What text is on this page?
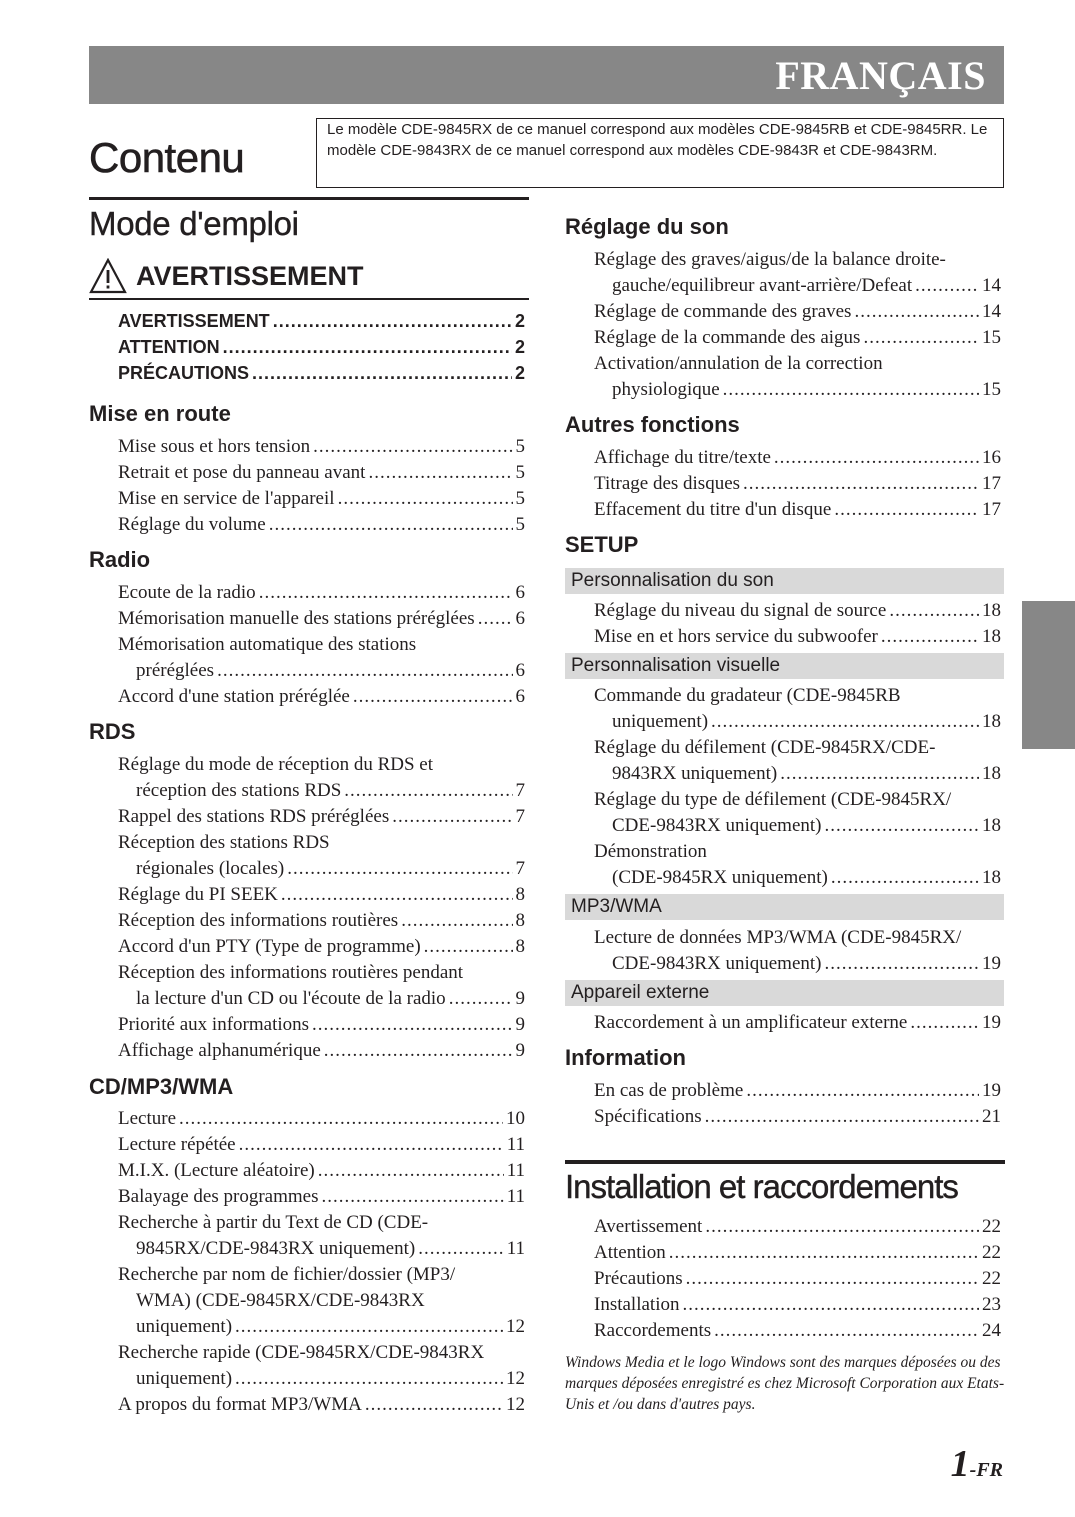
FRANÇAIS
Contenu
Le modèle CDE-9845RX de ce manuel correspond aux modèles CDE-9845RB et CDE-9845RR. Le modèle CDE-9843RX de ce manuel correspond aux modèles CDE-9843R et CDE-9843RM.
Mode d'emploi
AVERTISSEMENT
AVERTISSEMENT .....	2
ATTENTION .....	2
PRÉCAUTIONS .....	2
Mise sous et hors tension .....	5
Retrait et pose du panneau avant .....	5
Mise en service de l'appareil .....	5
Réglage du volume .....	5
Ecoute de la radio .....	6
Mémorisation manuelle des stations préréglées ..... 6
Mémorisation automatique des stations
préréglées .....	6
Accord d'une station préréglée .....	6
Réglage du mode de réception du RDS et
réception des stations RDS .....	7
Rappel des stations RDS préréglées .....	7
Réception des stations RDS
régionales (locales) .....	7
Réglage du PI SEEK .....	8
Réception des informations routières .....	8
Accord d'un PTY (Type de programme) .....	8
Réception des informations routières pendant
la lecture d'un CD ou l'écoute de la radio .....	9
Priorité aux informations .....	9
Affichage alphanumérique .....	9
Lecture .....	10
Lecture répétée .....	11
M.I.X. (Lecture aléatoire) .....	11
Balayage des programmes .....	11
Recherche à partir du Text de CD (CDE-
9845RX/CDE-9843RX uniquement) .....	11
Recherche par nom de fichier/dossier (MP3/
WMA) (CDE-9845RX/CDE-9843RX
uniquement) .....	12
Recherche rapide (CDE-9845RX/CDE-9843RX
uniquement) .....	12
A propos du format MP3/WMA .....	12
Réglage des graves/aigus/de la balance droite-
gauche/equilibreur avant-arrière/Defeat .....	14
Réglage de commande des graves .....	14
Réglage de la commande des aigus .....	15
Activation/annulation de la correction
physiologique .....	15
Affichage du titre/texte .....	16
Titrage des disques .....	17
Effacement du titre d'un disque .....	17
Réglage du niveau du signal de source .....	18
Mise en et hors service du subwoofer .....	18
Commande du gradateur (CDE-9845RB
uniquement) .....	18
Réglage du défilement (CDE-9845RX/CDE-
9843RX uniquement) .....	18
Réglage du type de défilement (CDE-9845RX/
CDE-9843RX uniquement) .....	18
Démonstration
(CDE-9845RX uniquement) .....	18
Lecture de données MP3/WMA (CDE-9845RX/
CDE-9843RX uniquement) .....	19
Raccordement à un amplificateur externe .....	19
En cas de problème .....	19
Spécifications .....	21
Avertissement .....	22
Attention .....	22
Précautions .....	22
Installation .....	23
Raccordements .....	24
Installation et raccordements
Windows Media et le logo Windows sont des marques déposées ou des marques déposées enregistré es chez Microsoft Corporation aux Etats-Unis et /ou dans d'autres pays.
1-FR
Mise en route
Radio
RDS
CD/MP3/WMA
Réglage du son
Autres fonctions
SETUP
Personnalisation du son
Personnalisation visuelle
MP3/WMA
Appareil externe
Information
